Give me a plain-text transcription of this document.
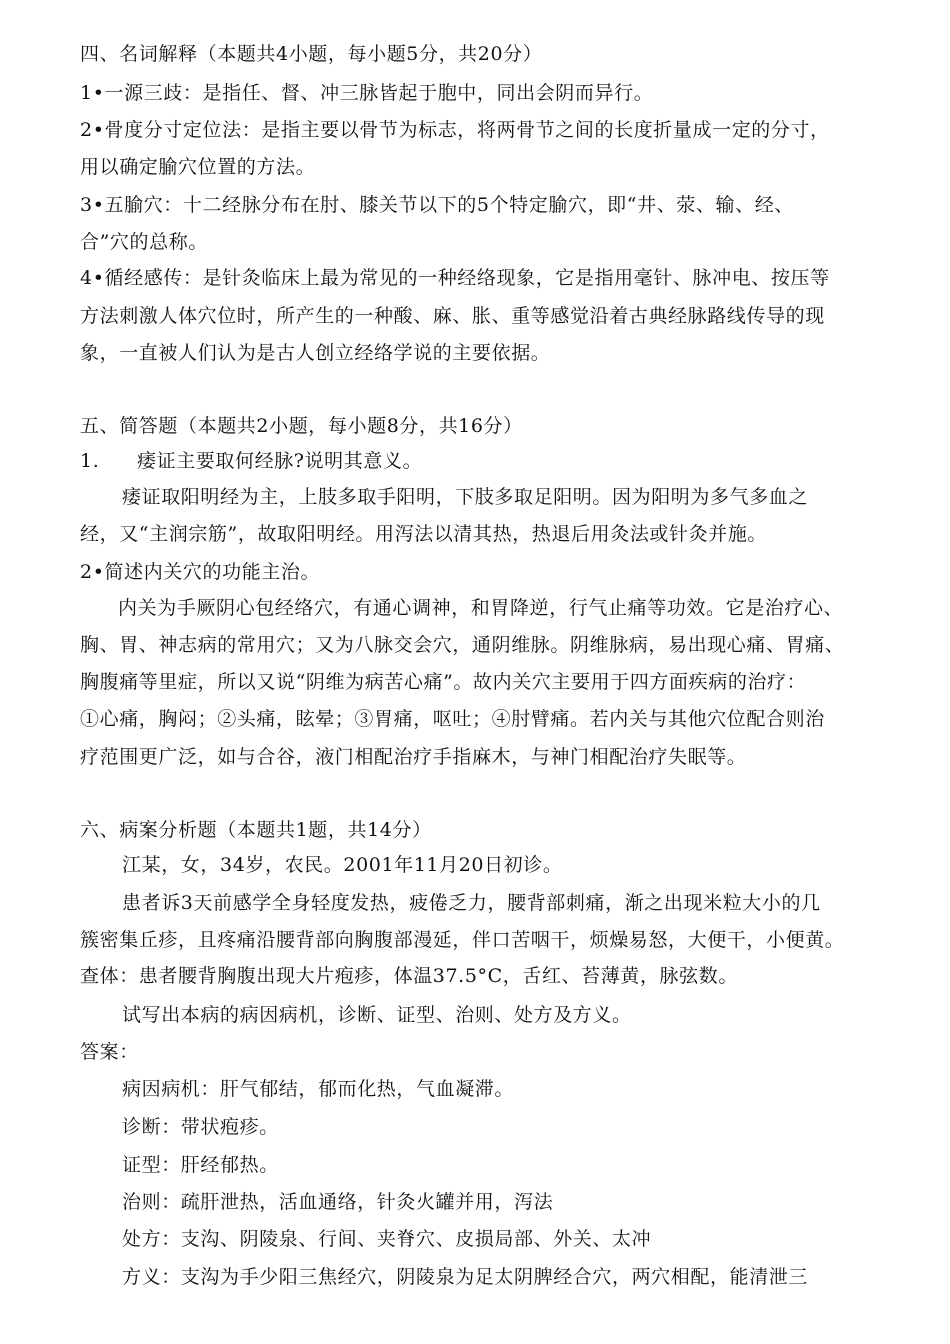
四、名词解释（本题共4小题，每小题5分，共20分）
1•一源三歧：是指任、督、冲三脉皆起于胞中，同出会阴而异行。
2•骨度分寸定位法：是指主要以骨节为标志，将两骨节之间的长度折量成一定的分寸，
用以确定腧穴位置的方法。
3•五腧穴：十二经脉分布在肘、膝关节以下的5个特定腧穴，即“井、荥、输、经、
合”穴的总称。
4•循经感传：是针灸临床上最为常见的一种经络现象，它是指用毫针、脉冲电、按压等
方法刺激人体穴位时，所产生的一种酸、麻、胀、重等感觉沿着古典经脉路线传导的现
象，一直被人们认为是古人创立经络学说的主要依据。
五、简答题（本题共2小题，每小题8分，共16分）
1. 痿证主要取何经脉?说明其意义。
痿证取阳明经为主，上肢多取手阳明，下肢多取足阳明。因为阳明为多气多血之
经，又“主润宗筋”，故取阳明经。用泻法以清其热，热退后用灸法或针灸并施。
2•简述内关穴的功能主治。
内关为手厥阴心包经络穴，有通心调神，和胃降逆，行气止痛等功效。它是治疗心、
胸、胃、神志病的常用穴；又为八脉交会穴，通阴维脉。阴维脉病，易出现心痛、胃痛、
胸腹痛等里症，所以又说“阴维为病苦心痛”。故内关穴主要用于四方面疾病的治疗：
①心痛，胸闷；②头痛，眩晕；③胃痛，呕吐；④肘臂痛。若内关与其他穴位配合则治
疗范围更广泛，如与合谷，液门相配治疗手指麻木，与神门相配治疗失眠等。
六、病案分析题（本题共1题，共14分）
江某，女，34岁，农民。2001年11月20日初诊。
患者诉3天前感学全身轻度发热，疲倦乏力，腰背部刺痛，渐之出现米粒大小的几
簇密集丘疹，且疼痛沿腰背部向胸腹部漫延，伴口苦咽干，烦燥易怒，大便干，小便黄。
查体：患者腰背胸腹出现大片疱疹，体温37.5°C，舌红、苔薄黄，脉弦数。
试写出本病的病因病机，诊断、证型、治则、处方及方义。
答案：
病因病机：肝气郁结，郁而化热，气血凝滞。
诊断：带状疱疹。
证型：肝经郁热。
治则：疏肝泄热，活血通络，针灸火罐并用，泻法
处方：支沟、阴陵泉、行间、夹脊穴、皮损局部、外关、太冲
方义：支沟为手少阳三焦经穴，阴陵泉为足太阴脾经合穴，两穴相配，能清泄三
